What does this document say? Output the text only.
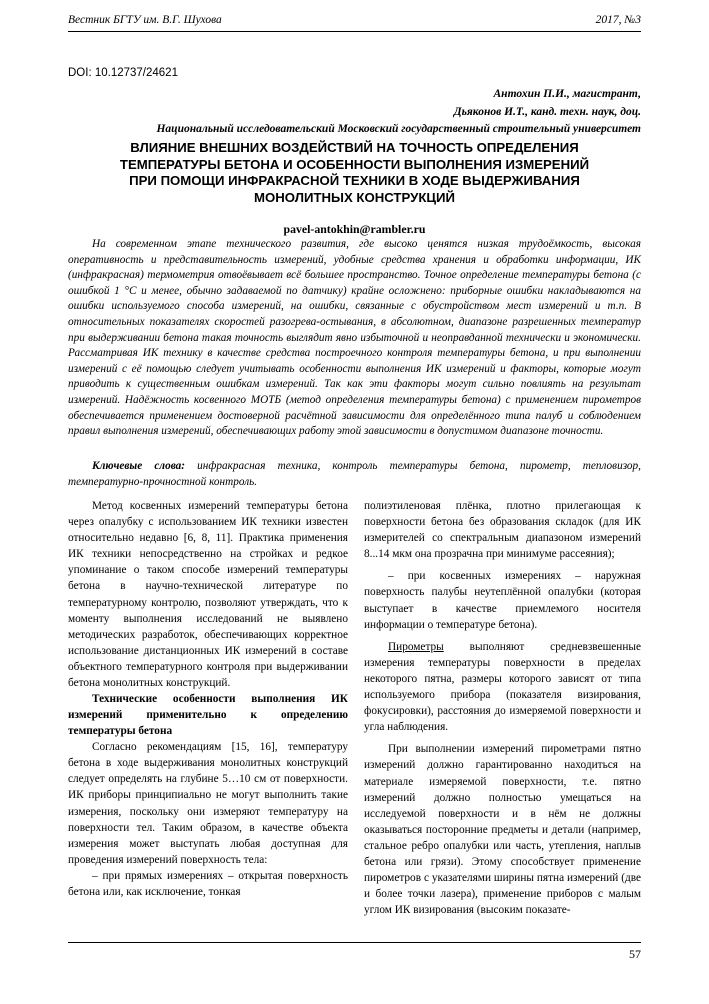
Вестник БГТУ им. В.Г. Шухова	2017, №3
DOI: 10.12737/24621
Антохин П.И., магистрант,
Дьяконов И.Т., канд. техн. наук, доц.
Национальный исследовательский Московский государственный строительный университет
ВЛИЯНИЕ ВНЕШНИХ ВОЗДЕЙСТВИЙ НА ТОЧНОСТЬ ОПРЕДЕЛЕНИЯ
ТЕМПЕРАТУРЫ БЕТОНА И ОСОБЕННОСТИ ВЫПОЛНЕНИЯ ИЗМЕРЕНИЙ
ПРИ ПОМОЩИ ИНФРАКРАСНОЙ ТЕХНИКИ В ХОДЕ ВЫДЕРЖИВАНИЯ
МОНОЛИТНЫХ КОНСТРУКЦИЙ
pavel-antokhin@rambler.ru

На современном этапе технического развития, где высоко ценятся низкая трудоёмкость, высокая оперативность и представительность измерений, удобные средства хранения и обработки информации, ИК (инфракрасная) термометрия отвоёвывает всё большее пространство. Точное определение температуры бетона (с ошибкой 1 °С и менее, обычно задаваемой по датчику) крайне осложнено: приборные ошибки накладываются на ошибки используемого способа измерений, на ошибки, связанные с обустройством мест измерений и т.п. В относительных показателях скоростей разогрева-остывания, в абсолютном, диапазоне разрешенных температур при выдерживании бетона такая точность выглядит явно избыточной и неоправданной технически и экономически. Рассматривая ИК технику в качестве средства построечного контроля температуры бетона, и при выполнении измерений с её помощью следует учитывать особенности выполнения ИК измерений и факторы, которые могут приводить к существенным ошибкам измерений. Так как эти факторы могут сильно повлиять на результат измерений. Надёжность косвенного МОТБ (метод определения температуры бетона) с применением пирометров обеспечивается применением достоверной расчётной зависимости для определённого типа палуб и соблюдением правил выполнения измерений, обеспечивающих работу этой зависимости в допустимом диапазоне точности.

Ключевые слова: инфракрасная техника, контроль температуры бетона, пирометр, тепловизор, температурно-прочностной контроль.

Метод косвенных измерений температуры бетона через опалубку с использованием ИК техники известен относительно недавно [6, 8, 11]. Практика применения ИК техники непосредственно на стройках и редкое упоминание о таком способе измерений температуры бетона в научно-технической литературе по температурному контролю, позволяют утверждать, что к моменту выполнения исследований не выявлено методических разработок, обеспечивающих корректное использование дистанционных ИК измерений в составе объектного температурного контроля при выдерживании бетона монолитных конструкций.

Технические особенности выполнения ИК измерений применительно к определению температуры бетона

Согласно рекомендациям [15, 16], температуру бетона в ходе выдерживания монолитных конструкций следует определять на глубине 5…10 см от поверхности. ИК приборы принципиально не могут выполнить такие измерения, поскольку они измеряют температуру на поверхности тел. Таким образом, в качестве объекта измерения может выступать любая доступная для проведения измерений поверхность тела:

– при прямых измерениях – открытая поверхность бетона или, как исключение, тонкая

полиэтиленовая плёнка, плотно прилегающая к поверхности бетона без образования складок (для ИК измерителей со спектральным диапазоном измерений 8...14 мкм она прозрачна при минимуме рассеяния);

– при косвенных измерениях – наружная поверхность палубы неутеплённой опалубки (которая выступает в качестве приемлемого носителя информации о температуре бетона).

Пирометры выполняют средневзвешенные измерения температуры поверхности в пределах некоторого пятна, размеры которого зависят от типа используемого прибора (показателя визирования, фокусировки), расстояния до измеряемой поверхности и угла наблюдения.

При выполнении измерений пирометрами пятно измерений должно гарантированно находиться на материале измеряемой поверхности, т.е. пятно измерений должно полностью умещаться на исследуемой поверхности и в нём не должны оказываться посторонние предметы и детали (например, стальное ребро опалубки или часть, утепления, наплыв бетона или грязи). Этому способствует применение пирометров с указателями ширины пятна измерений (две и более точки лазера), применение приборов с малым углом ИК визирования (высоким показате-

57
